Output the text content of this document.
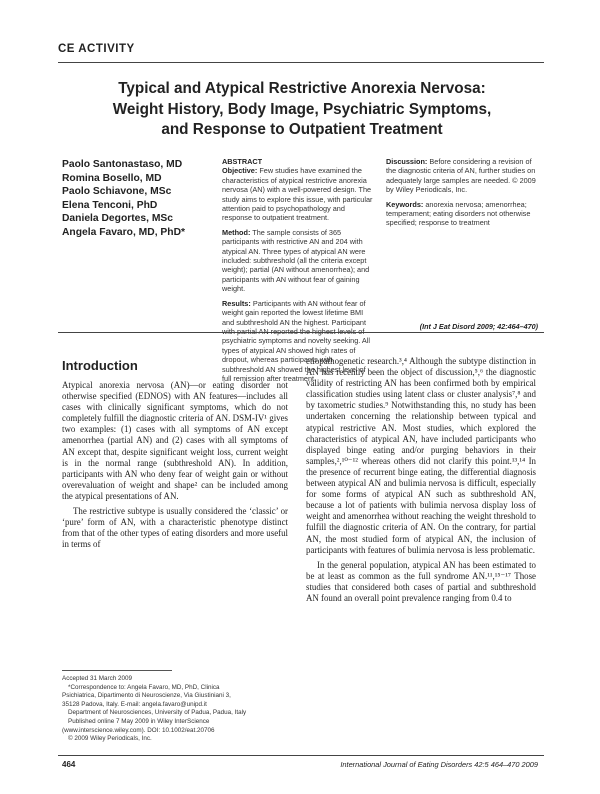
CE ACTIVITY
Typical and Atypical Restrictive Anorexia Nervosa:
Weight History, Body Image, Psychiatric Symptoms,
and Response to Outpatient Treatment
Paolo Santonastaso, MD
Romina Bosello, MD
Paolo Schiavone, MSc
Elena Tenconi, PhD
Daniela Degortes, MSc
Angela Favaro, MD, PhD*
ABSTRACT

Objective: Few studies have examined the characteristics of atypical restrictive anorexia nervosa (AN) with a well-powered design. The study aims to explore this issue, with particular attention paid to psychopathology and response to outpatient treatment.

Method: The sample consists of 365 participants with restrictive AN and 204 with atypical AN. Three types of atypical AN were included: subthreshold (all the criteria except weight); partial (AN without amenorrhea); and participants with AN without fear of gaining weight.

Results: Participants with AN without fear of weight gain reported the lowest lifetime BMI and subthreshold AN the highest. Participant with partial AN reported the highest levels of psychiatric symptoms and novelty seeking. All types of atypical AN showed high rates of dropout, whereas participants with subthreshold AN showed the highest level of full remission after treatment.

Discussion: Before considering a revision of the diagnostic criteria of AN, further studies on adequately large samples are needed. © 2009 by Wiley Periodicals, Inc.

Keywords: anorexia nervosa; amenorrhea; temperament; eating disorders not otherwise specified; response to treatment

(Int J Eat Disord 2009; 42:464–470)
Introduction

Atypical anorexia nervosa (AN)—or eating disorder not otherwise specified (EDNOS) with AN features—includes all cases with clinically significant symptoms, which do not completely fulfill the diagnostic criteria of AN. DSM-IV¹ gives two examples: (1) cases with all symptoms of AN except amenorrhea (partial AN) and (2) cases with all symptoms of AN except that, despite significant weight loss, current weight is in the normal range (subthreshold AN). In addition, participants with AN who deny fear of weight gain or without overevaluation of weight and shape² can be included among the atypical presentations of AN.

The restrictive subtype is usually considered the ‘classic’ or ‘pure’ form of AN, with a characteristic phenotype distinct from that of the other types of eating disorders and more useful in terms of

etiopathogenetic research.³,⁴ Although the subtype distinction in AN has recently been the object of discussion,⁵,⁶ the diagnostic validity of restricting AN has been confirmed both by empirical classification studies using latent class or cluster analysis⁷,⁸ and by taxometric studies.⁹ Notwithstanding this, no study has been undertaken concerning the relationship between typical and atypical restrictive AN. Most studies, which explored the characteristics of atypical AN, have included participants who displayed binge eating and/or purging behaviors in their samples,²,¹⁰⁻¹² whereas others did not clarify this point.¹³,¹⁴ In the presence of recurrent binge eating, the differential diagnosis between atypical AN and bulimia nervosa is difficult, especially for some forms of atypical AN such as subthreshold AN, because a lot of patients with bulimia nervosa display loss of weight and amenorrhea without reaching the weight threshold to fulfill the diagnostic criteria of AN. On the contrary, for partial AN, the most studied form of atypical AN, the inclusion of participants with features of bulimia nervosa is less problematic.

In the general population, atypical AN has been estimated to be at least as common as the full syndrome AN.¹¹,¹⁵⁻¹⁷ Those studies that considered both cases of partial and subthreshold AN found an overall point prevalence ranging from 0.4 to

Accepted 31 March 2009
*Correspondence to: Angela Favaro, MD, PhD, Clinica
Psichiatrica, Dipartimento di Neuroscienze, Via Giustiniani 3,
35128 Padova, Italy. E-mail: angela.favaro@unipd.it
Department of Neurosciences, University of Padua, Padua, Italy
Published online 7 May 2009 in Wiley InterScience
(www.interscience.wiley.com). DOI: 10.1002/eat.20706
© 2009 Wiley Periodicals, Inc.
464	International Journal of Eating Disorders 42:5 464–470 2009
